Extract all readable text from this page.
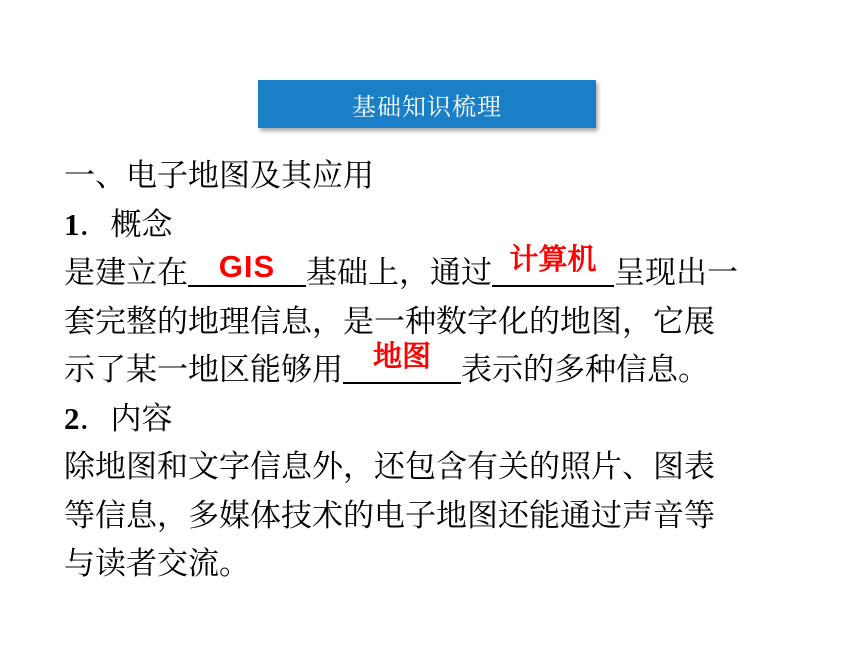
基础知识梳理
一、电子地图及其应用
1．概念
是建立在 GIS 基础上，通过 计算机 呈现出一
套完整的地理信息，是一种数字化的地图，它展
示了某一地区能够用	地图 表示的多种信息。
2．内容
除地图和文字信息外，还包含有关的照片、图表
等信息，多媒体技术的电子地图还能通过声音等
与读者交流。
